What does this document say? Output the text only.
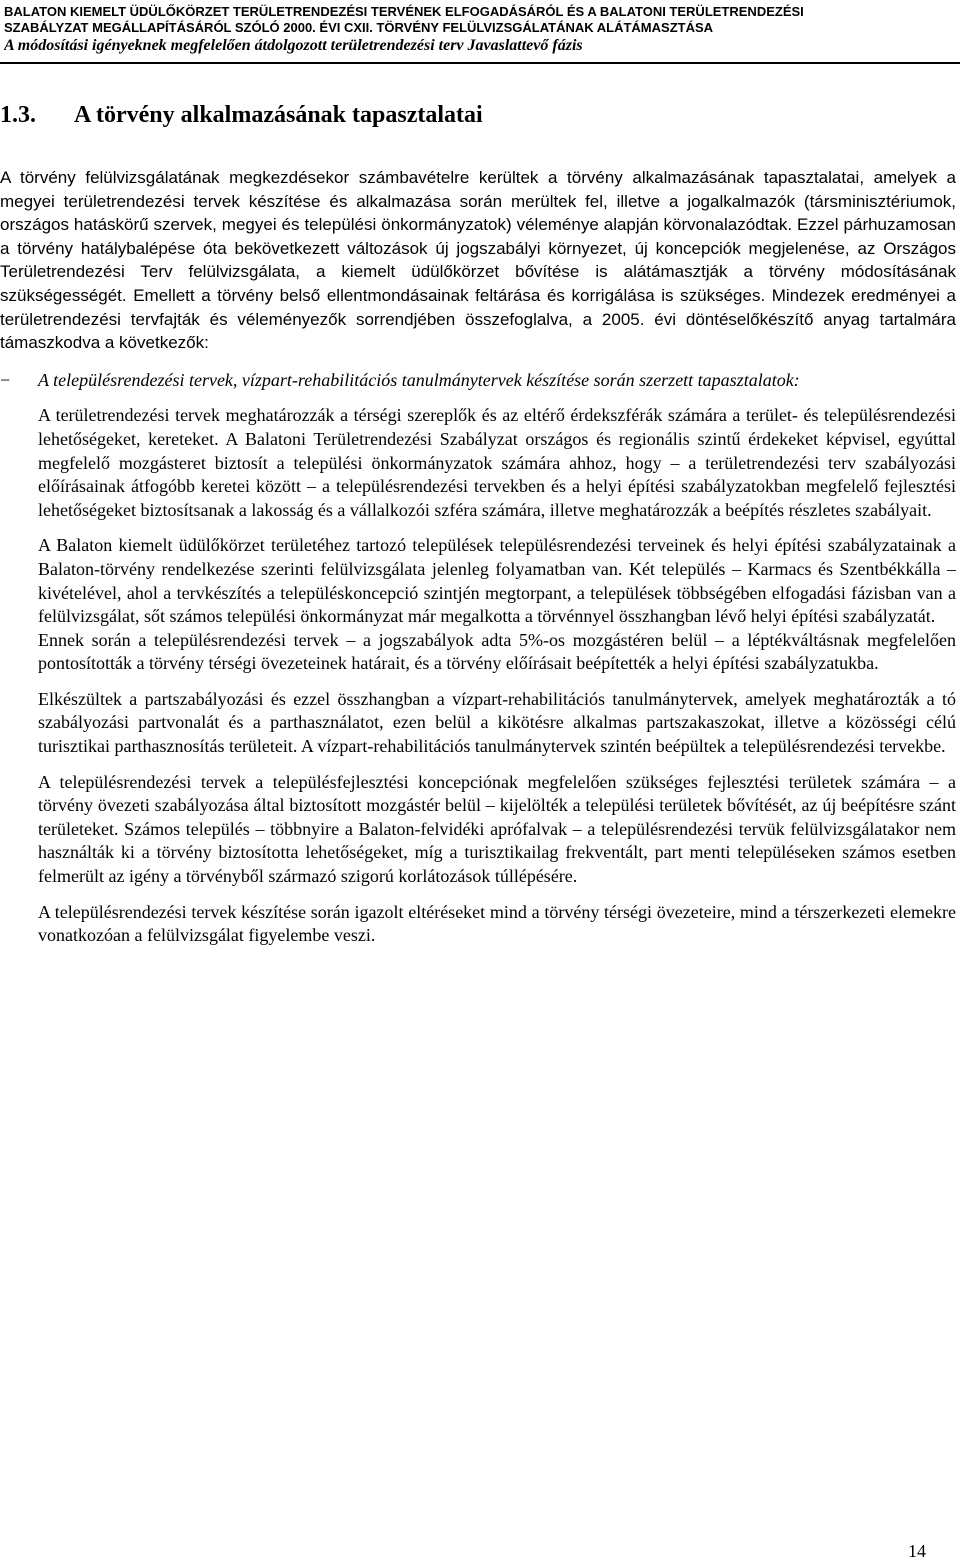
BALATON KIEMELT ÜDÜLŐKÖRZET TERÜLETRENDEZÉSI TERVÉNEK ELFOGADÁSÁRÓL ÉS A BALATONI TERÜLETRENDEZÉSI
SZABÁLYZAT MEGÁLLAPÍTÁSÁRÓL SZÓLÓ 2000. ÉVI CXII. TÖRVÉNY FELÜLVIZSGÁLATÁNAK ALÁTÁMASZTÁSA
A módosítási igényeknek megfelelően átdolgozott területrendezési terv Javaslattevő fázis
1.3. A törvény alkalmazásának tapasztalatai

A törvény felülvizsgálatának megkezdésekor számbavételre kerültek a törvény alkalmazásának tapasztalatai, amelyek a megyei területrendezési tervek készítése és alkalmazása során merültek fel, illetve a jogalkalmazók (társminisztériumok, országos hatáskörű szervek, megyei és települési önkormányzatok) véleménye alapján körvonalazódtak. Ezzel párhuzamosan a törvény hatálybalépése óta bekövetkezett változások új jogszabályi környezet, új koncepciók megjelenése, az Országos Területrendezési Terv felülvizsgálata, a kiemelt üdülőkörzet bővítése is alátámasztják a törvény módosításának szükségességét. Emellett a törvény belső ellentmondásainak feltárása és korrigálása is szükséges. Mindezek eredményei a területrendezési tervfajták és véleményezők sorrendjében összefoglalva, a 2005. évi döntéselőkészítő anyag tartalmára támaszkodva a következők:

− A településrendezési tervek, vízpart-rehabilitációs tanulmánytervek készítése során szerzett tapasztalatok:

A területrendezési tervek meghatározzák a térségi szereplők és az eltérő érdekszférák számára a terület- és településrendezési lehetőségeket, kereteket. A Balatoni Területrendezési Szabályzat országos és regionális szintű érdekeket képvisel, egyúttal megfelelő mozgásteret biztosít a települési önkormányzatok számára ahhoz, hogy – a területrendezési terv szabályozási előírásainak átfogóbb keretei között – a településrendezési tervekben és a helyi építési szabályzatokban megfelelő fejlesztési lehetőségeket biztosítsanak a lakosság és a vállalkozói szféra számára, illetve meghatározzák a beépítés részletes szabályait.

A Balaton kiemelt üdülőkörzet területéhez tartozó települések településrendezési terveinek és helyi építési szabályzatainak a Balaton-törvény rendelkezése szerinti felülvizsgálata jelenleg folyamatban van. Két település – Karmacs és Szentbékkálla – kivételével, ahol a tervkészítés a településkoncepció szintjén megtorpant, a települések többségében elfogadási fázisban van a felülvizsgálat, sőt számos települési önkormányzat már megalkotta a törvénnyel összhangban lévő helyi építési szabályzatát.

Ennek során a településrendezési tervek – a jogszabályok adta 5%-os mozgástéren belül – a léptékváltásnak megfelelően pontosították a törvény térségi övezeteinek határait, és a törvény előírásait beépítették a helyi építési szabályzatukba.

Elkészültek a partszabályozási és ezzel összhangban a vízpart-rehabilitációs tanulmánytervek, amelyek meghatározták a tó szabályozási partvonalát és a parthasználatot, ezen belül a kikötésre alkalmas partszakaszokat, illetve a közösségi célú turisztikai parthasznosítás területeit. A vízpart-rehabilitációs tanulmánytervek szintén beépültek a településrendezési tervekbe.

A településrendezési tervek a településfejlesztési koncepciónak megfelelően szükséges fejlesztési területek számára – a törvény övezeti szabályozása által biztosított mozgástér belül – kijelölték a települési területek bővítését, az új beépítésre szánt területeket. Számos település – többnyire a Balaton-felvidéki aprófalvak – a településrendezési tervük felülvizsgálatakor nem használták ki a törvény biztosította lehetőségeket, míg a turisztikailag frekventált, part menti településeken számos esetben felmerült az igény a törvényből származó szigorú korlátozások túllépésére.

A településrendezési tervek készítése során igazolt eltéréseket mind a törvény térségi övezeteire, mind a térszerkezeti elemekre vonatkozóan a felülvizsgálat figyelembe veszi.

14
